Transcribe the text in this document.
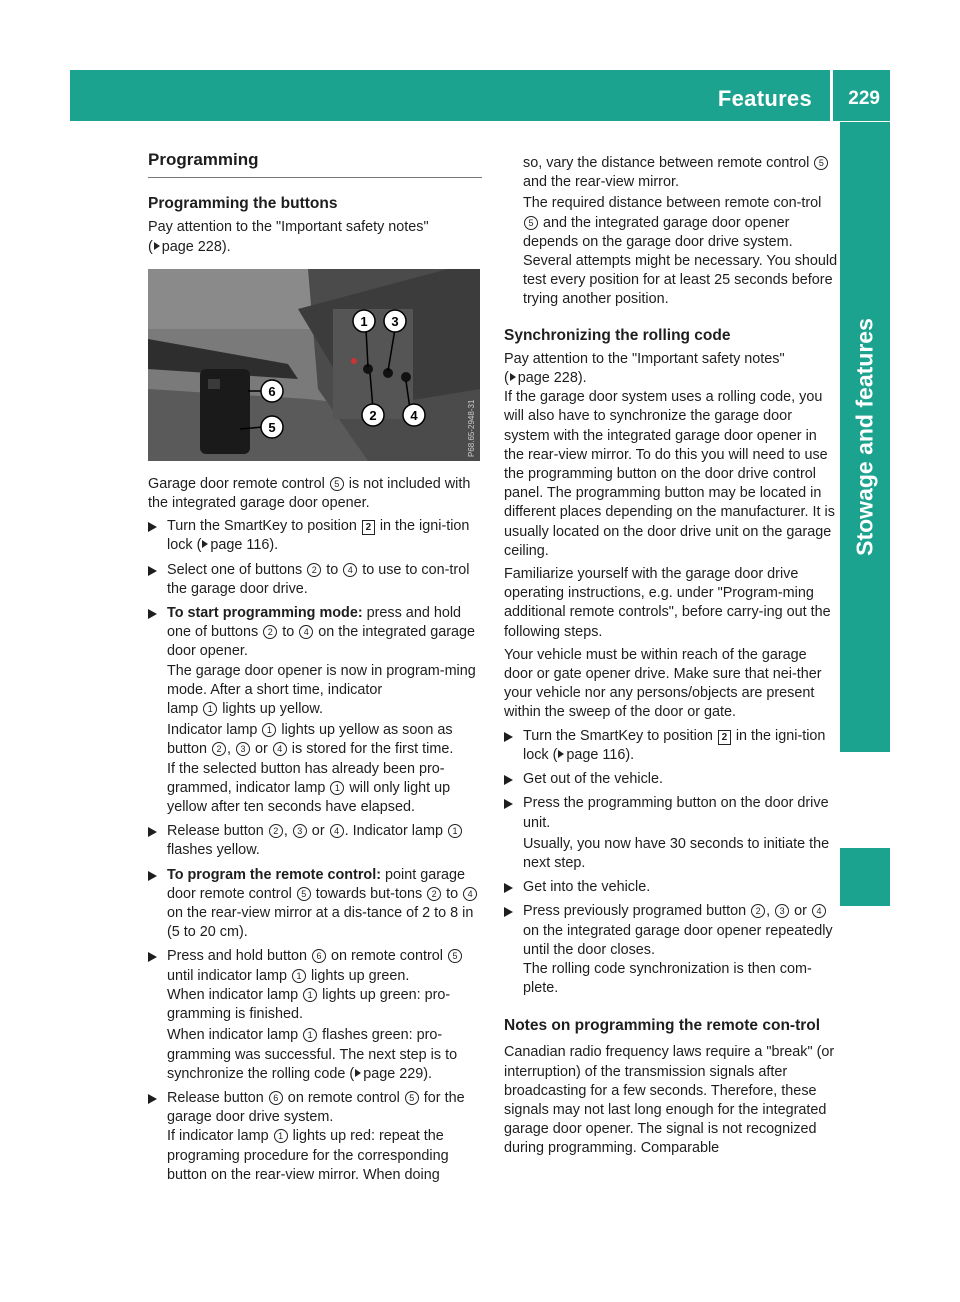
Features 229
Stowage and features
Programming
Programming the buttons

Pay attention to the "Important safety notes"
( page 228).

1 3
2	4
6
5	P68.65-2948-31

Garage door remote control 5 is not included with the integrated garage door opener.

Turn the SmartKey to position 2 in the igni-tion lock ( page 116).
Select one of buttons 2 to 4 to use to con-trol the garage door drive.
To start programming mode: press and hold one of buttons 2 to 4 on the integrated garage door opener.
The garage door opener is now in program-ming mode. After a short time, indicator
lamp 1 lights up yellow.

Indicator lamp 1 lights up yellow as soon as button 2 , 3 or 4 is stored for the first time.
If the selected button has already been pro-grammed, indicator lamp 1 will only light up yellow after ten seconds have elapsed.

Release button 2 , 3 or 4 . Indicator lamp 1 flashes yellow.
To program the remote control: point garage door remote control 5 towards but-tons 2 to 4 on the rear-view mirror at a dis-tance of 2 to 8 in (5 to 20 cm).
Press and hold button 6 on remote control 5 until indicator lamp 1 lights up green.
When indicator lamp 1 lights up green: pro-gramming is finished.

When indicator lamp 1 flashes green: pro-gramming was successful. The next step is to synchronize the rolling code ( page 229).

Release button 6 on remote control 5 for the garage door drive system.
If indicator lamp 1 lights up red: repeat the programing procedure for the corresponding button on the rear-view mirror. When doing
so, vary the distance between remote control 5 and the rear-view mirror.

The required distance between remote con-trol 5 and the integrated garage door opener depends on the garage door drive system.
Several attempts might be necessary. You should test every position for at least 25 seconds before trying another position.

Synchronizing the rolling code

Pay attention to the "Important safety notes"
( page 228).

If the garage door system uses a rolling code, you will also have to synchronize the garage door system with the integrated garage door opener in the rear-view mirror. To do this you will need to use the programming button on the door drive control panel. The programming button may be located in different places depending on the manufacturer. It is usually located on the door drive unit on the garage ceiling.

Familiarize yourself with the garage door drive operating instructions, e.g. under "Program-ming additional remote controls", before carry-ing out the following steps.

Your vehicle must be within reach of the garage door or gate opener drive. Make sure that nei-ther your vehicle nor any persons/objects are present within the sweep of the door or gate.

Turn the SmartKey to position 2 in the igni-tion lock ( page 116).
Get out of the vehicle.
Press the programming button on the door drive unit.

Usually, you now have 30 seconds to initiate the next step.

Get into the vehicle.
Press previously programed button 2 , 3 or 4 on the integrated garage door opener repeatedly until the door closes.
The rolling code synchronization is then com-plete.
Notes on programming the remote con-trol

Canadian radio frequency laws require a "break" (or interruption) of the transmission signals after broadcasting for a few seconds. Therefore, these signals may not last long enough for the integrated garage door opener. The signal is not recognized during programming. Comparable
